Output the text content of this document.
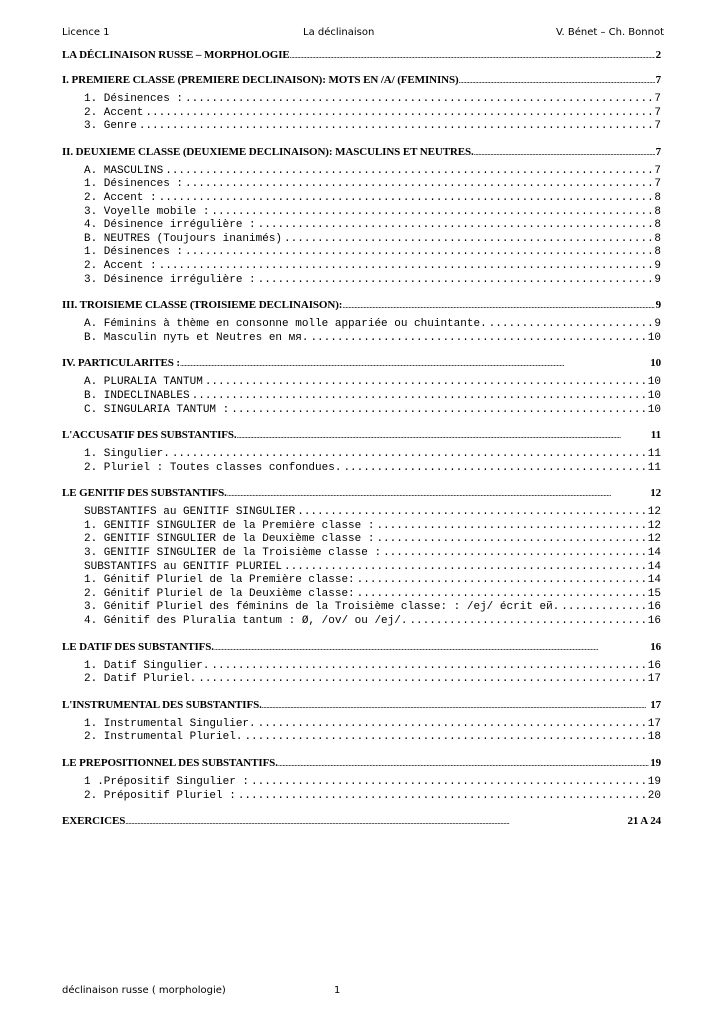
Licence 1	La déclinaison	V. Bénet – Ch. Bonnot
LA DÉCLINAISON RUSSE – MORPHOLOGIE .....	2
I. PREMIERE CLASSE (PREMIERE DECLINAISON): MOTS EN /A/ (FEMININS) .....	7
1. Désinences : .....	7
2. Accent .....	7
3. Genre .....	7
II. DEUXIEME CLASSE (DEUXIEME DECLINAISON): MASCULINS ET NEUTRES. .....	7
A. MASCULINS .....	7
1. Désinences : .....	7
2. Accent : .....	8
3. Voyelle mobile : .....	8
4. Désinence irrégulière : .....	8
B. NEUTRES (Toujours inanimés) .....	8
1. Désinences : .....	8
2. Accent : .....	9
3. Désinence irrégulière : .....	9
III. TROISIEME CLASSE (TROISIEME DECLINAISON): .....	9
A. Féminins à thème en consonne molle appariée ou chuintante. .....	9
B. Masculin путь et Neutres en мя. .....	10
IV. PARTICULARITES : .....	10
A. PLURALIA TANTUM .....	10
B. INDECLINABLES .....	10
C. SINGULARIA TANTUM : .....	10
L'ACCUSATIF DES SUBSTANTIFS. .....	11
1. Singulier. .....	11
2. Pluriel : Toutes classes confondues. .....	11
LE GENITIF DES SUBSTANTIFS. .....	12
SUBSTANTIFS au GENITIF SINGULIER .....	12
1. GENITIF SINGULIER de la Première classe : .....	12
2. GENITIF SINGULIER de la Deuxième classe : .....	12
3. GENITIF SINGULIER de la Troisième classe : .....	14
SUBSTANTIFS au GENITIF PLURIEL .....	14
1. Génitif Pluriel de la Première classe: .....	14
2. Génitif Pluriel de la Deuxième classe: .....	15
3. Génitif Pluriel des féminins de la Troisième classe: : /ej/ écrit ей. .....	16
4. Génitif des Pluralia tantum : Ø, /ov/ ou /ej/. .....	16
LE DATIF DES SUBSTANTIFS. .....	16
1. Datif Singulier. .....	16
2. Datif Pluriel. .....	17
L'INSTRUMENTAL DES SUBSTANTIFS. .....	17
1. Instrumental Singulier. .....	17
2. Instrumental Pluriel. .....	18
LE PREPOSITIONNEL DES SUBSTANTIFS. .....	19
1 .Prépositif Singulier : .....	19
2. Prépositif Pluriel : .....	20
EXERCICES .....	21 A 24
déclinaison russe ( morphologie)	1
